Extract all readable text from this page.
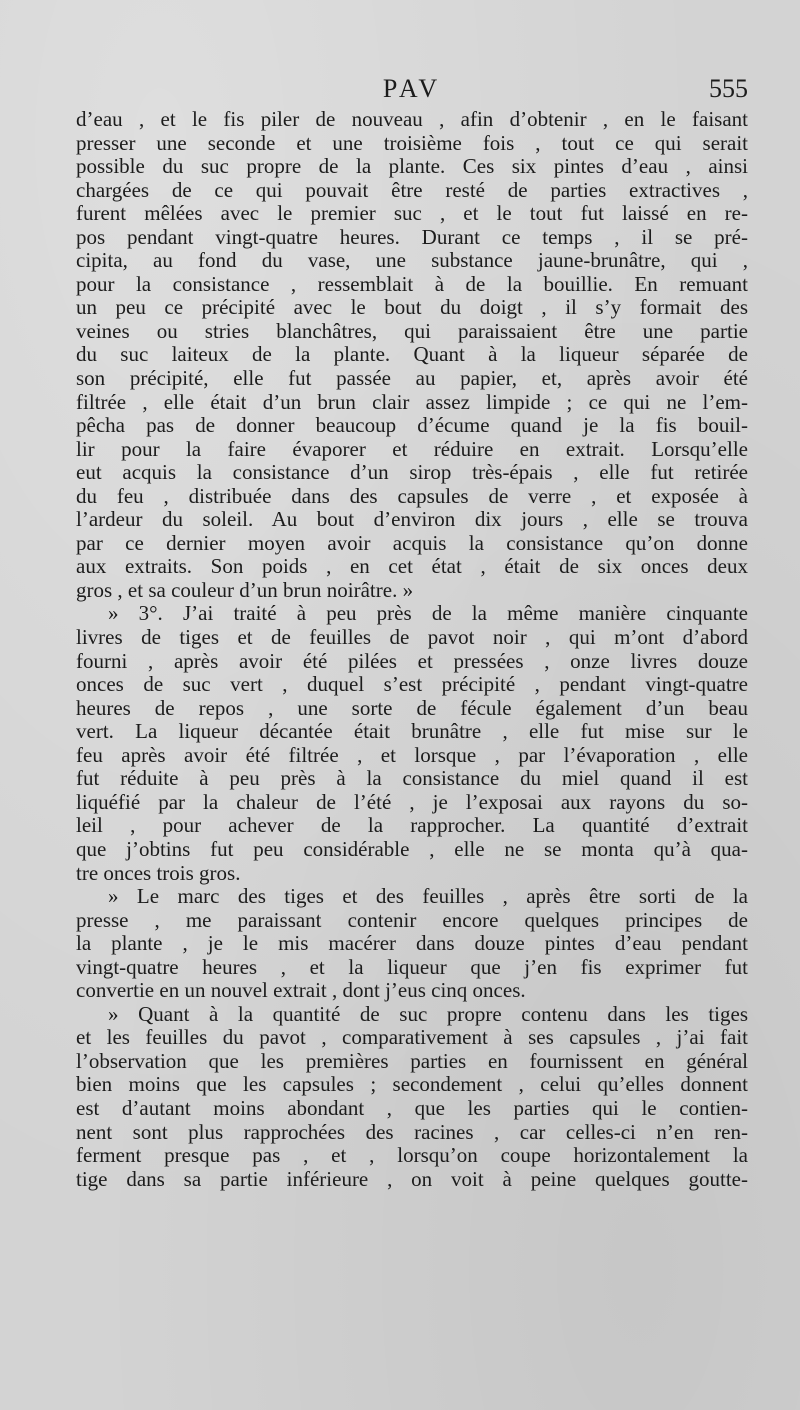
PAV	555
d’eau , et le fis piler de nouveau , afin d’obtenir , en le faisant
presser une seconde et une troisième fois , tout ce qui serait
possible du suc propre de la plante. Ces six pintes d’eau , ainsi
chargées de ce qui pouvait être resté de parties extractives ,
furent mêlées avec le premier suc , et le tout fut laissé en re-
pos pendant vingt-quatre heures. Durant ce temps , il se pré-
cipita, au fond du vase, une substance jaune-brunâtre, qui ,
pour la consistance , ressemblait à de la bouillie. En remuant
un peu ce précipité avec le bout du doigt , il s’y formait des
veines ou stries blanchâtres, qui paraissaient être une partie
du suc laiteux de la plante. Quant à la liqueur séparée de
son précipité, elle fut passée au papier, et, après avoir été
filtrée , elle était d’un brun clair assez limpide ; ce qui ne l’em-
pêcha pas de donner beaucoup d’écume quand je la fis bouil-
lir pour la faire évaporer et réduire en extrait. Lorsqu’elle
eut acquis la consistance d’un sirop très-épais , elle fut retirée
du feu , distribuée dans des capsules de verre , et exposée à
l’ardeur du soleil. Au bout d’environ dix jours , elle se trouva
par ce dernier moyen avoir acquis la consistance qu’on donne
aux extraits. Son poids , en cet état , était de six onces deux
gros , et sa couleur d’un brun noirâtre. »
» 3°. J’ai traité à peu près de la même manière cinquante
livres de tiges et de feuilles de pavot noir , qui m’ont d’abord
fourni , après avoir été pilées et pressées , onze livres douze
onces de suc vert , duquel s’est précipité , pendant vingt-quatre
heures de repos , une sorte de fécule également d’un beau
vert. La liqueur décantée était brunâtre , elle fut mise sur le
feu après avoir été filtrée , et lorsque , par l’évaporation , elle
fut réduite à peu près à la consistance du miel quand il est
liquéfié par la chaleur de l’été , je l’exposai aux rayons du so-
leil , pour achever de la rapprocher. La quantité d’extrait
que j’obtins fut peu considérable , elle ne se monta qu’à qua-
tre onces trois gros.
» Le marc des tiges et des feuilles , après être sorti de la
presse , me paraissant contenir encore quelques principes de
la plante , je le mis macérer dans douze pintes d’eau pendant
vingt-quatre heures , et la liqueur que j’en fis exprimer fut
convertie en un nouvel extrait , dont j’eus cinq onces.
» Quant à la quantité de suc propre contenu dans les tiges
et les feuilles du pavot , comparativement à ses capsules , j’ai fait
l’observation que les premières parties en fournissent en général
bien moins que les capsules ; secondement , celui qu’elles donnent
est d’autant moins abondant , que les parties qui le contien-
nent sont plus rapprochées des racines , car celles-ci n’en ren-
ferment presque pas , et , lorsqu’on coupe horizontalement la
tige dans sa partie inférieure , on voit à peine quelques goutte-
